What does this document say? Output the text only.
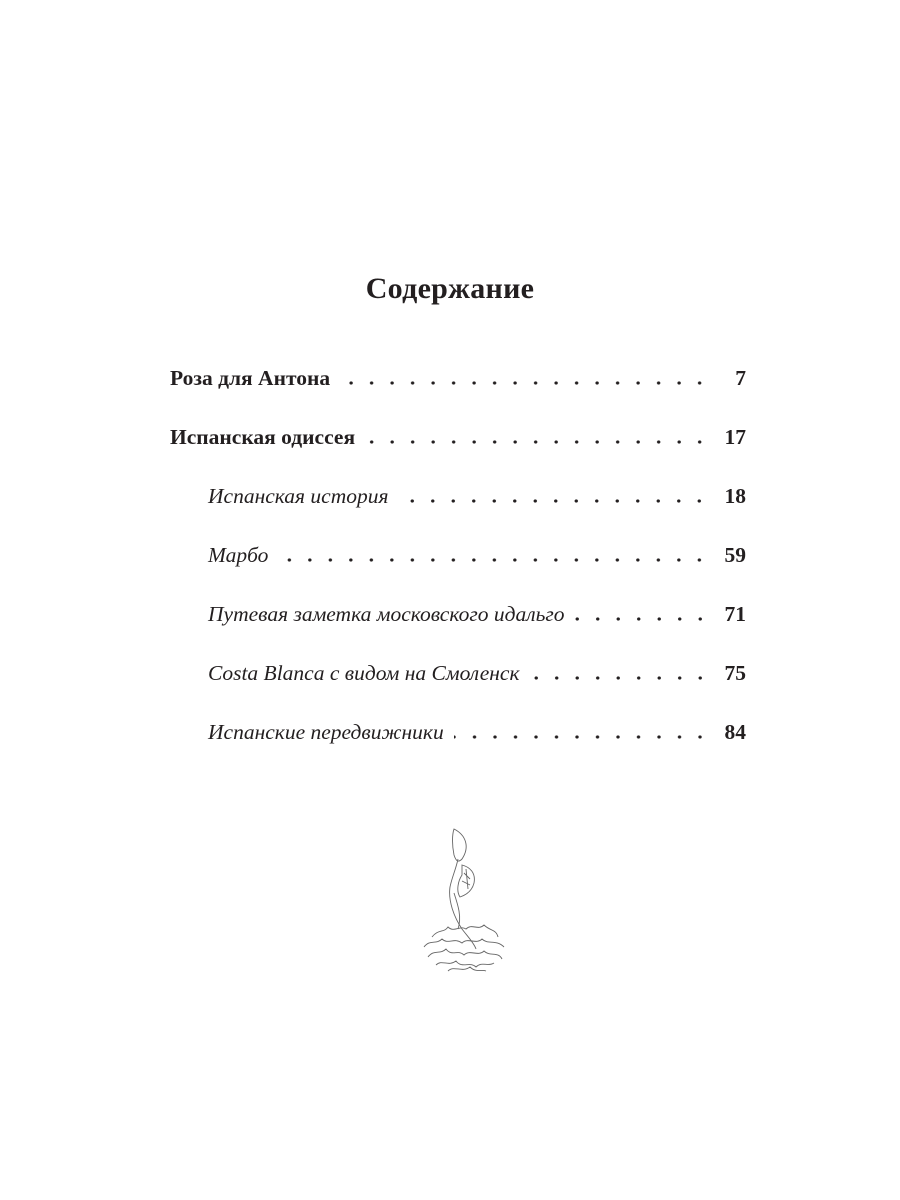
Содержание
Роза для Антона	7
Испанская одиссея	17
Испанская история	18
Марбо	59
Путевая заметка московского идальго	71
Costa Blanca с видом на Смоленск	75
Испанские передвижники	84
